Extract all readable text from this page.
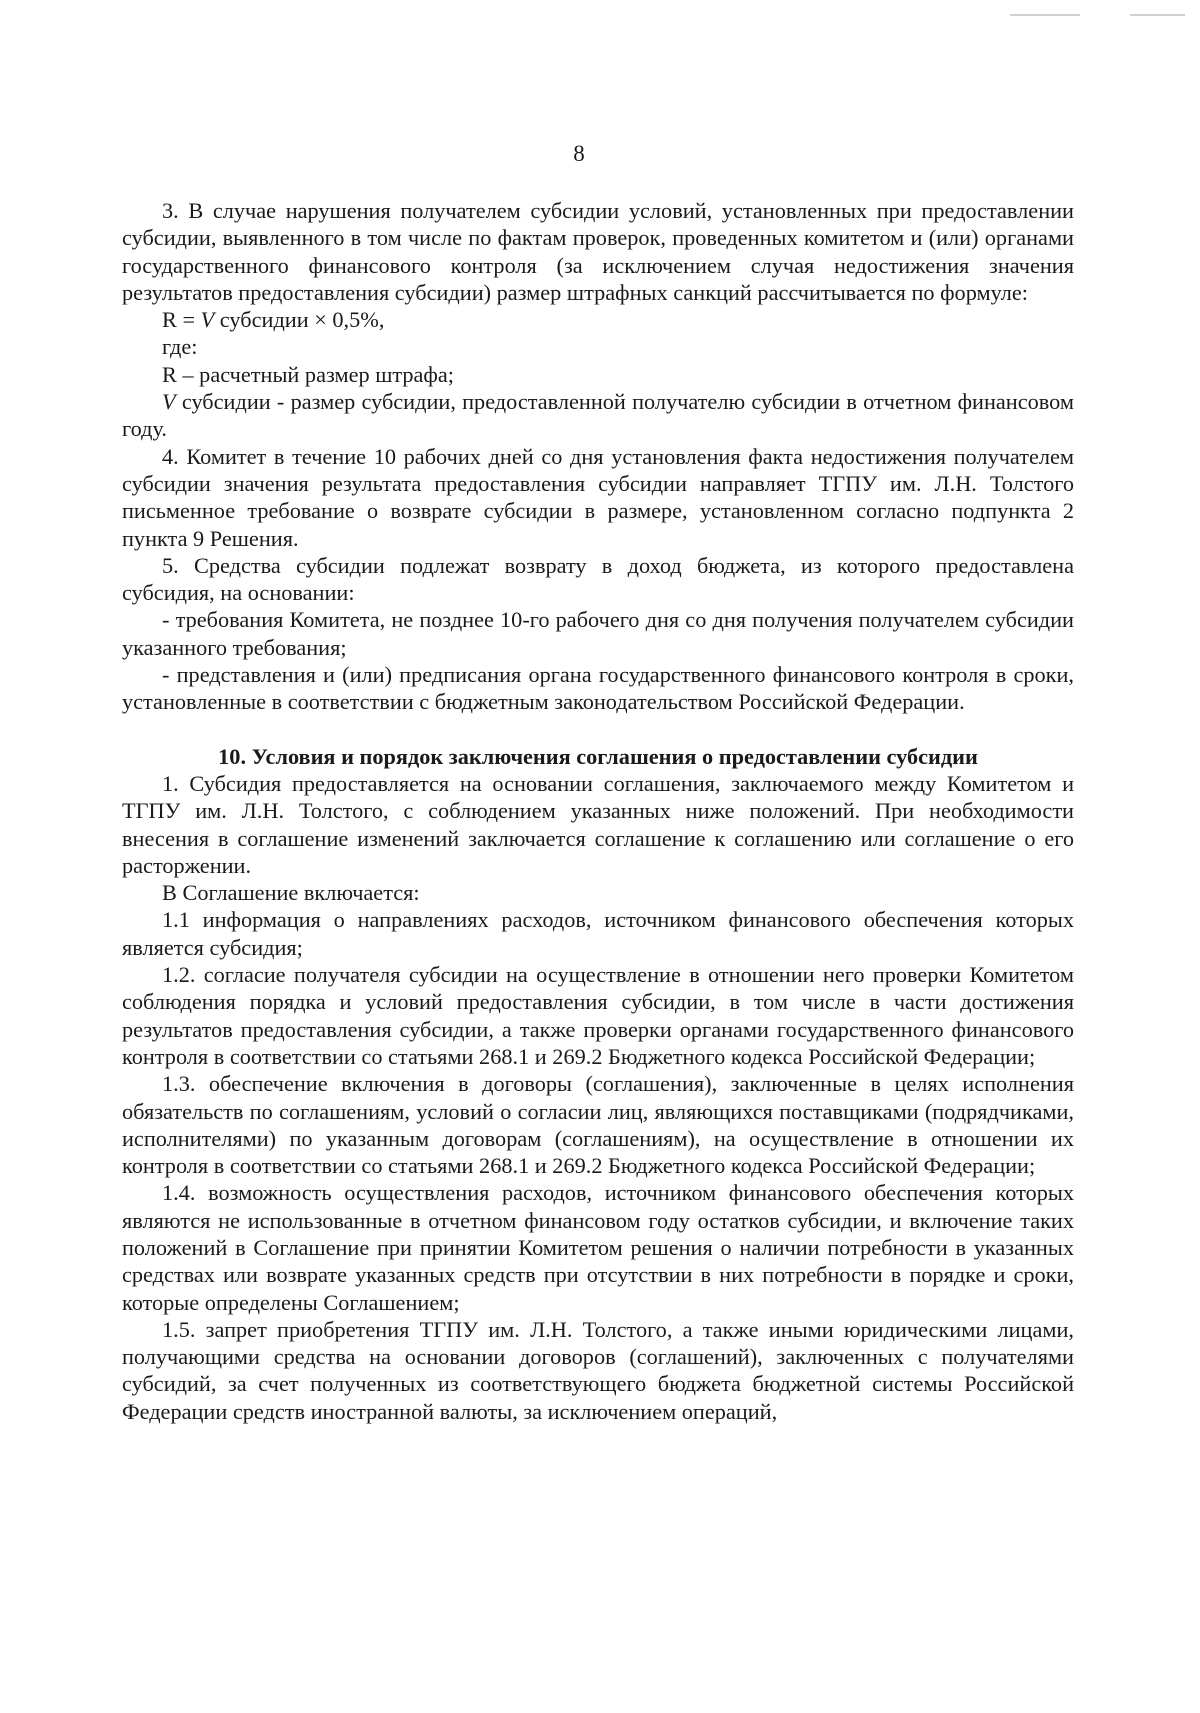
8

3. В случае нарушения получателем субсидии условий, установленных при предоставлении субсидии, выявленного в том числе по фактам проверок, проведенных комитетом и (или) органами государственного финансового контроля (за исключением случая недостижения значения результатов предоставления субсидии) размер штрафных санкций рассчитывается по формуле:

R = V субсидии × 0,5%,

где:

R – расчетный размер штрафа;

V субсидии - размер субсидии, предоставленной получателю субсидии в отчетном финансовом году.

4. Комитет в течение 10 рабочих дней со дня установления факта недостижения получателем субсидии значения результата предоставления субсидии направляет ТГПУ им. Л.Н. Толстого письменное требование о возврате субсидии в размере, установленном согласно подпункта 2 пункта 9 Решения.

5. Средства субсидии подлежат возврату в доход бюджета, из которого предоставлена субсидия, на основании:

- требования Комитета, не позднее 10-го рабочего дня со дня получения получателем субсидии указанного требования;

- представления и (или) предписания органа государственного финансового контроля в сроки, установленные в соответствии с бюджетным законодательством Российской Федерации.

10. Условия и порядок заключения соглашения о предоставлении субсидии

1. Субсидия предоставляется на основании соглашения, заключаемого между Комитетом и ТГПУ им. Л.Н. Толстого, с соблюдением указанных ниже положений. При необходимости внесения в соглашение изменений заключается соглашение к соглашению или соглашение о его расторжении.

В Соглашение включается:

1.1 информация о направлениях расходов, источником финансового обеспечения которых является субсидия;

1.2. согласие получателя субсидии на осуществление в отношении него проверки Комитетом соблюдения порядка и условий предоставления субсидии, в том числе в части достижения результатов предоставления субсидии, а также проверки органами государственного финансового контроля в соответствии со статьями 268.1 и 269.2 Бюджетного кодекса Российской Федерации;

1.3. обеспечение включения в договоры (соглашения), заключенные в целях исполнения обязательств по соглашениям, условий о согласии лиц, являющихся поставщиками (подрядчиками, исполнителями) по указанным договорам (соглашениям), на осуществление в отношении их контроля в соответствии со статьями 268.1 и 269.2 Бюджетного кодекса Российской Федерации;

1.4. возможность осуществления расходов, источником финансового обеспечения которых являются не использованные в отчетном финансовом году остатков субсидии, и включение таких положений в Соглашение при принятии Комитетом решения о наличии потребности в указанных средствах или возврате указанных средств при отсутствии в них потребности в порядке и сроки, которые определены Соглашением;

1.5. запрет приобретения ТГПУ им. Л.Н. Толстого, а также иными юридическими лицами, получающими средства на основании договоров (соглашений), заключенных с получателями субсидий, за счет полученных из соответствующего бюджета бюджетной системы Российской Федерации средств иностранной валюты, за исключением операций,
